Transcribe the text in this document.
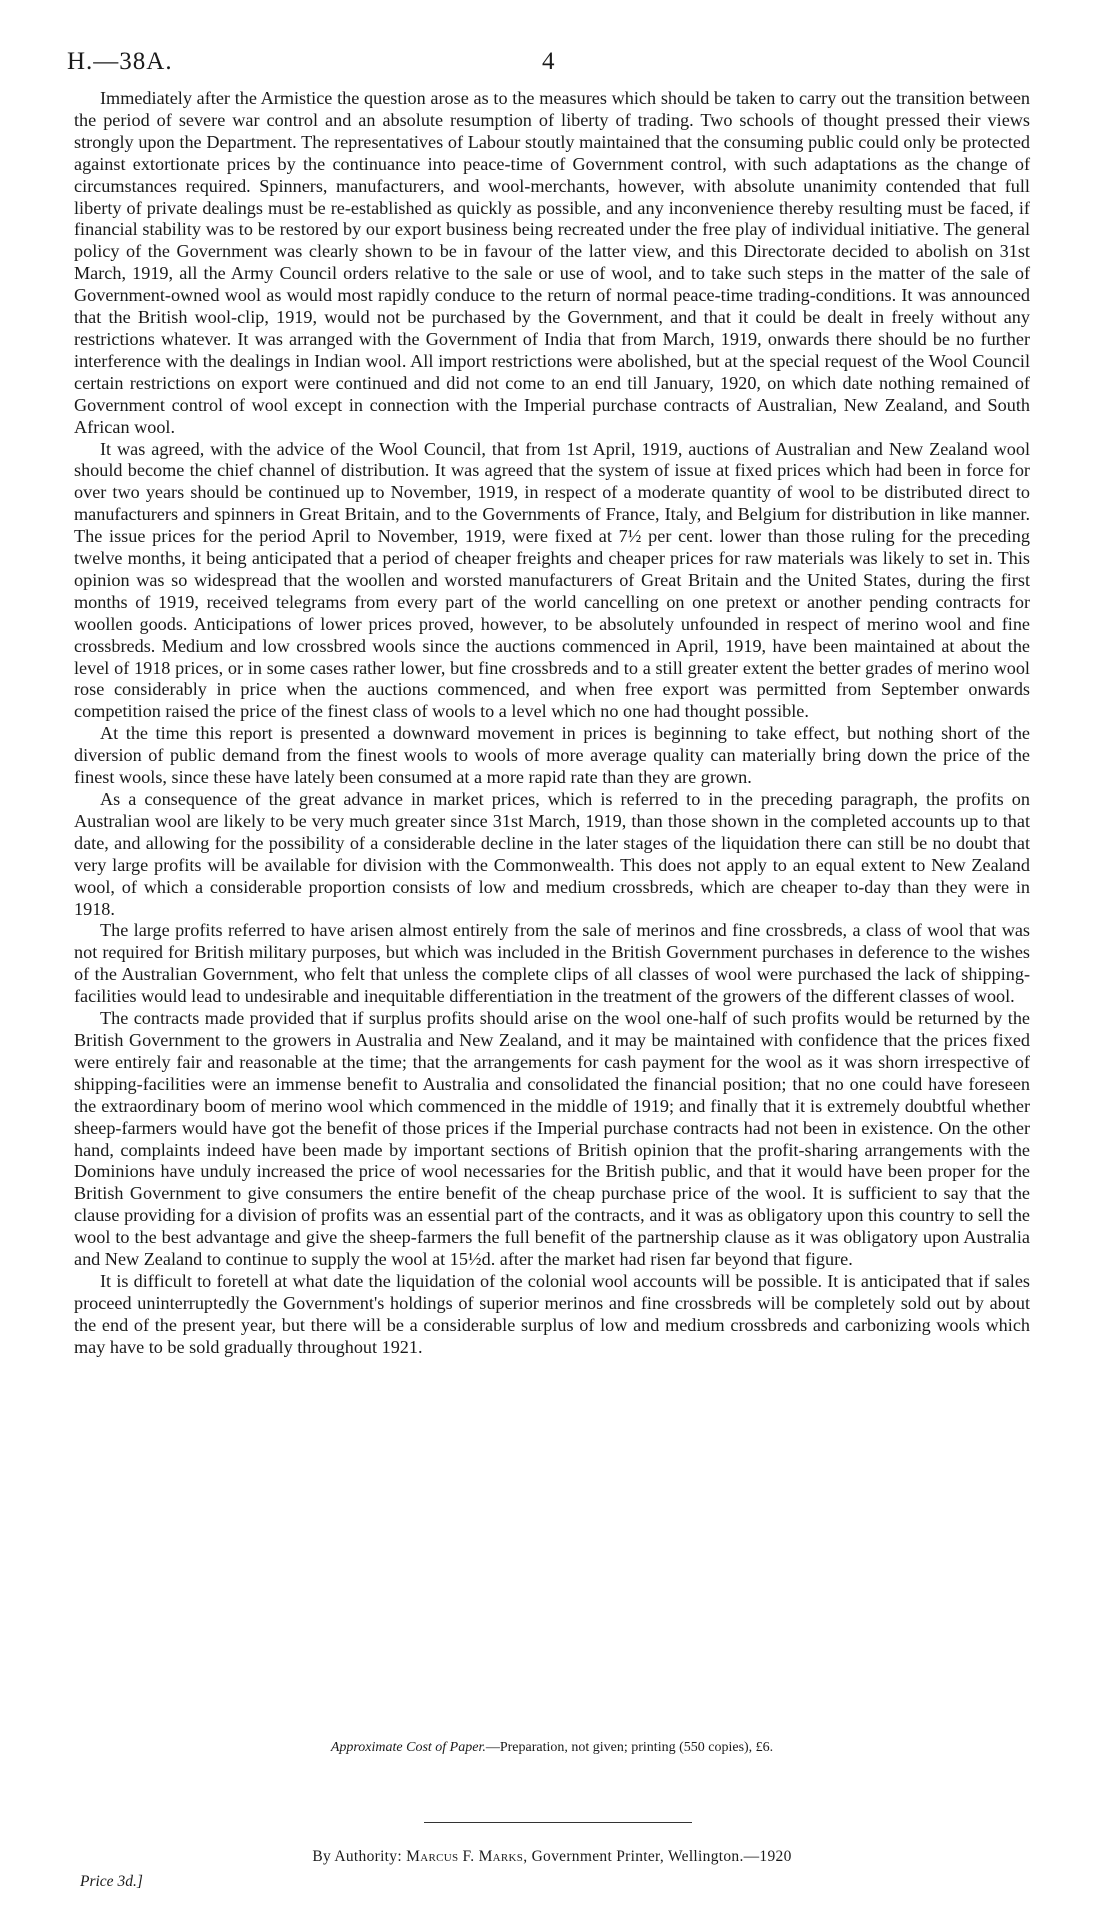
H.—38A.	4

Immediately after the Armistice the question arose as to the measures which should be taken to carry out the transition between the period of severe war control and an absolute resumption of liberty of trading. Two schools of thought pressed their views strongly upon the Department. The representatives of Labour stoutly maintained that the consuming public could only be protected against extortionate prices by the continuance into peace-time of Government control, with such adaptations as the change of circumstances required. Spinners, manufacturers, and wool-merchants, however, with absolute unanimity contended that full liberty of private dealings must be re-established as quickly as possible, and any inconvenience thereby resulting must be faced, if financial stability was to be restored by our export business being recreated under the free play of individual initiative. The general policy of the Government was clearly shown to be in favour of the latter view, and this Directorate decided to abolish on 31st March, 1919, all the Army Council orders relative to the sale or use of wool, and to take such steps in the matter of the sale of Government-owned wool as would most rapidly conduce to the return of normal peace-time trading-conditions. It was announced that the British wool-clip, 1919, would not be purchased by the Government, and that it could be dealt in freely without any restrictions whatever. It was arranged with the Government of India that from March, 1919, onwards there should be no further interference with the dealings in Indian wool. All import restrictions were abolished, but at the special request of the Wool Council certain restrictions on export were continued and did not come to an end till January, 1920, on which date nothing remained of Government control of wool except in connection with the Imperial purchase contracts of Australian, New Zealand, and South African wool.

It was agreed, with the advice of the Wool Council, that from 1st April, 1919, auctions of Australian and New Zealand wool should become the chief channel of distribution. It was agreed that the system of issue at fixed prices which had been in force for over two years should be continued up to November, 1919, in respect of a moderate quantity of wool to be distributed direct to manufacturers and spinners in Great Britain, and to the Governments of France, Italy, and Belgium for distribution in like manner. The issue prices for the period April to November, 1919, were fixed at 7½ per cent. lower than those ruling for the preceding twelve months, it being anticipated that a period of cheaper freights and cheaper prices for raw materials was likely to set in. This opinion was so widespread that the woollen and worsted manufacturers of Great Britain and the United States, during the first months of 1919, received telegrams from every part of the world cancelling on one pretext or another pending contracts for woollen goods. Anticipations of lower prices proved, however, to be absolutely unfounded in respect of merino wool and fine crossbreds. Medium and low crossbred wools since the auctions commenced in April, 1919, have been maintained at about the level of 1918 prices, or in some cases rather lower, but fine crossbreds and to a still greater extent the better grades of merino wool rose considerably in price when the auctions commenced, and when free export was permitted from September onwards competition raised the price of the finest class of wools to a level which no one had thought possible.

At the time this report is presented a downward movement in prices is beginning to take effect, but nothing short of the diversion of public demand from the finest wools to wools of more average quality can materially bring down the price of the finest wools, since these have lately been consumed at a more rapid rate than they are grown.

As a consequence of the great advance in market prices, which is referred to in the preceding paragraph, the profits on Australian wool are likely to be very much greater since 31st March, 1919, than those shown in the completed accounts up to that date, and allowing for the possibility of a considerable decline in the later stages of the liquidation there can still be no doubt that very large profits will be available for division with the Commonwealth. This does not apply to an equal extent to New Zealand wool, of which a considerable proportion consists of low and medium crossbreds, which are cheaper to-day than they were in 1918.

The large profits referred to have arisen almost entirely from the sale of merinos and fine crossbreds, a class of wool that was not required for British military purposes, but which was included in the British Government purchases in deference to the wishes of the Australian Government, who felt that unless the complete clips of all classes of wool were purchased the lack of shipping-facilities would lead to undesirable and inequitable differentiation in the treatment of the growers of the different classes of wool.

The contracts made provided that if surplus profits should arise on the wool one-half of such profits would be returned by the British Government to the growers in Australia and New Zealand, and it may be maintained with confidence that the prices fixed were entirely fair and reasonable at the time; that the arrangements for cash payment for the wool as it was shorn irrespective of shipping-facilities were an immense benefit to Australia and consolidated the financial position; that no one could have foreseen the extraordinary boom of merino wool which commenced in the middle of 1919; and finally that it is extremely doubtful whether sheep-farmers would have got the benefit of those prices if the Imperial purchase contracts had not been in existence. On the other hand, complaints indeed have been made by important sections of British opinion that the profit-sharing arrangements with the Dominions have unduly increased the price of wool necessaries for the British public, and that it would have been proper for the British Government to give consumers the entire benefit of the cheap purchase price of the wool. It is sufficient to say that the clause providing for a division of profits was an essential part of the contracts, and it was as obligatory upon this country to sell the wool to the best advantage and give the sheep-farmers the full benefit of the partnership clause as it was obligatory upon Australia and New Zealand to continue to supply the wool at 15½d. after the market had risen far beyond that figure.

It is difficult to foretell at what date the liquidation of the colonial wool accounts will be possible. It is anticipated that if sales proceed uninterruptedly the Government's holdings of superior merinos and fine crossbreds will be completely sold out by about the end of the present year, but there will be a considerable surplus of low and medium crossbreds and carbonizing wools which may have to be sold gradually throughout 1921.

Approximate Cost of Paper.—Preparation, not given; printing (550 copies), £6.
By Authority: Marcus F. Marks, Government Printer, Wellington.—1920
Price 3d.]
